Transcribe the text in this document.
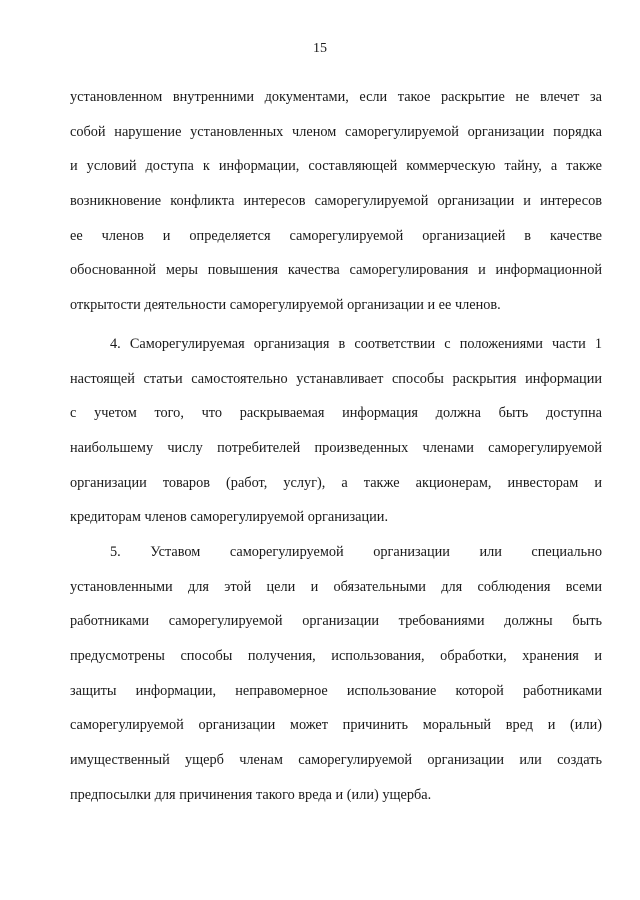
15
установленном внутренними документами, если такое раскрытие не влечет за
собой нарушение установленных членом саморегулируемой организации порядка
и условий доступа к информации, составляющей коммерческую тайну, а также
возникновение конфликта интересов саморегулируемой организации и интересов
ее членов и определяется саморегулируемой организацией в качестве
обоснованной меры повышения качества саморегулирования и информационной
открытости деятельности саморегулируемой организации и ее членов.
4. Саморегулируемая организация в соответствии с положениями части 1
настоящей статьи самостоятельно устанавливает способы раскрытия информации
с учетом того, что раскрываемая информация должна быть доступна
наибольшему числу потребителей произведенных членами саморегулируемой
организации товаров (работ, услуг), а также акционерам, инвесторам и
кредиторам членов саморегулируемой организации.
5. Уставом саморегулируемой организации или специально
установленными для этой цели и обязательными для соблюдения всеми
работниками саморегулируемой организации требованиями должны быть
предусмотрены способы получения, использования, обработки, хранения и
защиты информации, неправомерное использование которой работниками
саморегулируемой организации может причинить моральный вред и (или)
имущественный ущерб членам саморегулируемой организации или создать
предпосылки для причинения такого вреда и (или) ущерба.
